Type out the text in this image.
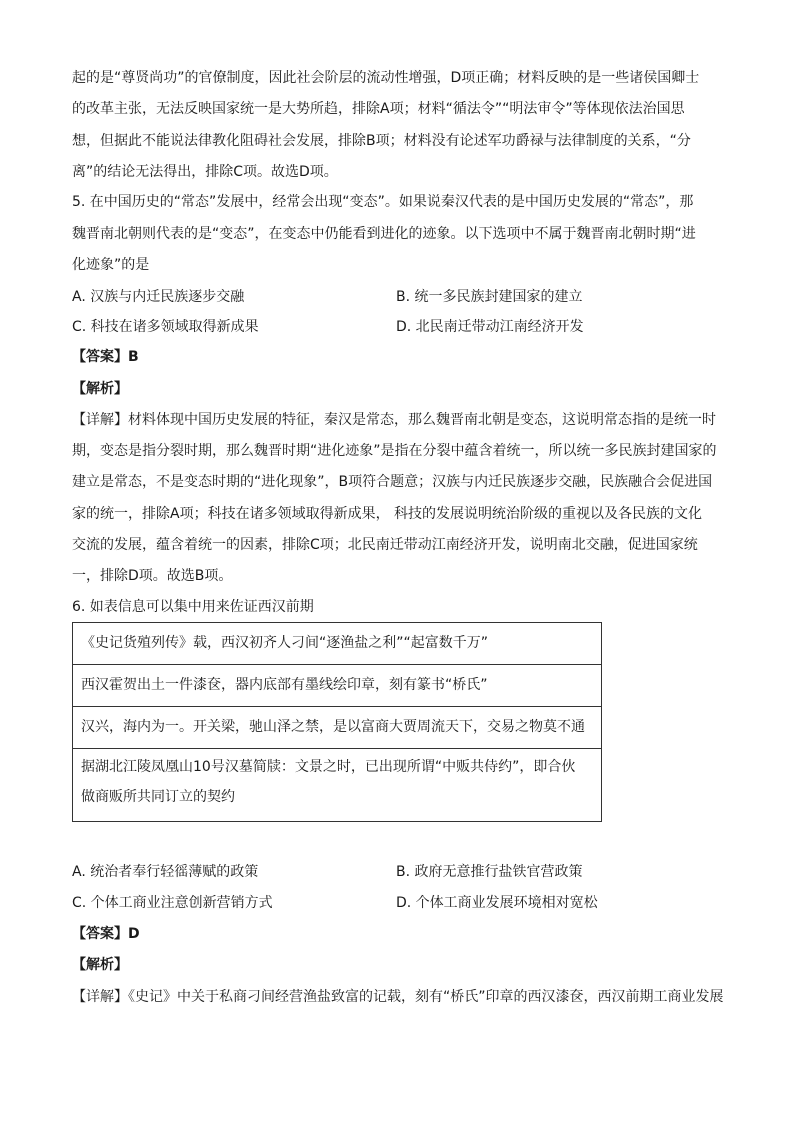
起的是“尊贤尚功”的官僚制度，因此社会阶层的流动性增强，D项正确；材料反映的是一些诸侯国卿士
的改革主张，无法反映国家统一是大势所趋，排除A项；材料“循法令”“明法审令”等体现依法治国思
想，但据此不能说法律教化阻碍社会发展，排除B项；材料没有论述军功爵禄与法律制度的关系，“分
离”的结论无法得出，排除C项。故选D项。
5. 在中国历史的“常态”发展中，经常会出现“变态”。如果说秦汉代表的是中国历史发展的“常态”，那
魏晋南北朝则代表的是“变态”，在变态中仍能看到进化的迹象。以下选项中不属于魏晋南北朝时期“进
化迹象”的是
A. 汉族与内迁民族逐步交融	B. 统一多民族封建国家的建立
C. 科技在诸多领域取得新成果	D. 北民南迁带动江南经济开发
【答案】B
【解析】
【详解】材料体现中国历史发展的特征，秦汉是常态，那么魏晋南北朝是变态，这说明常态指的是统一时
期，变态是指分裂时期，那么魏晋时期“进化迹象”是指在分裂中蕴含着统一，所以统一多民族封建国家的
建立是常态，不是变态时期的“进化现象”，B项符合题意；汉族与内迁民族逐步交融，民族融合会促进国
家的统一，排除A项；科技在诸多领域取得新成果， 科技的发展说明统治阶级的重视以及各民族的文化
交流的发展，蕴含着统一的因素，排除C项；北民南迁带动江南经济开发，说明南北交融，促进国家统
一，排除D项。故选B项。
6. 如表信息可以集中用来佐证西汉前期
《史记货殖列传》载，西汉初齐人刁间“逐渔盐之利”“起富数千万”
西汉霍贺出土一件漆奁，器内底部有墨线绘印章，刻有篆书“桥氏”
汉兴，海内为一。开关梁，驰山泽之禁，是以富商大贾周流天下，交易之物莫不通
据湖北江陵凤凰山10号汉墓简牍：文景之时，已出现所谓“中贩共侍约”，即合伙
做商贩所共同订立的契约
A. 统治者奉行轻徭薄赋的政策	B. 政府无意推行盐铁官营政策
C. 个体工商业注意创新营销方式	D. 个体工商业发展环境相对宽松
【答案】D
【解析】
【详解】《史记》中关于私商刁间经营渔盐致富的记载，刻有“桥氏”印章的西汉漆奁，西汉前期工商业发展
